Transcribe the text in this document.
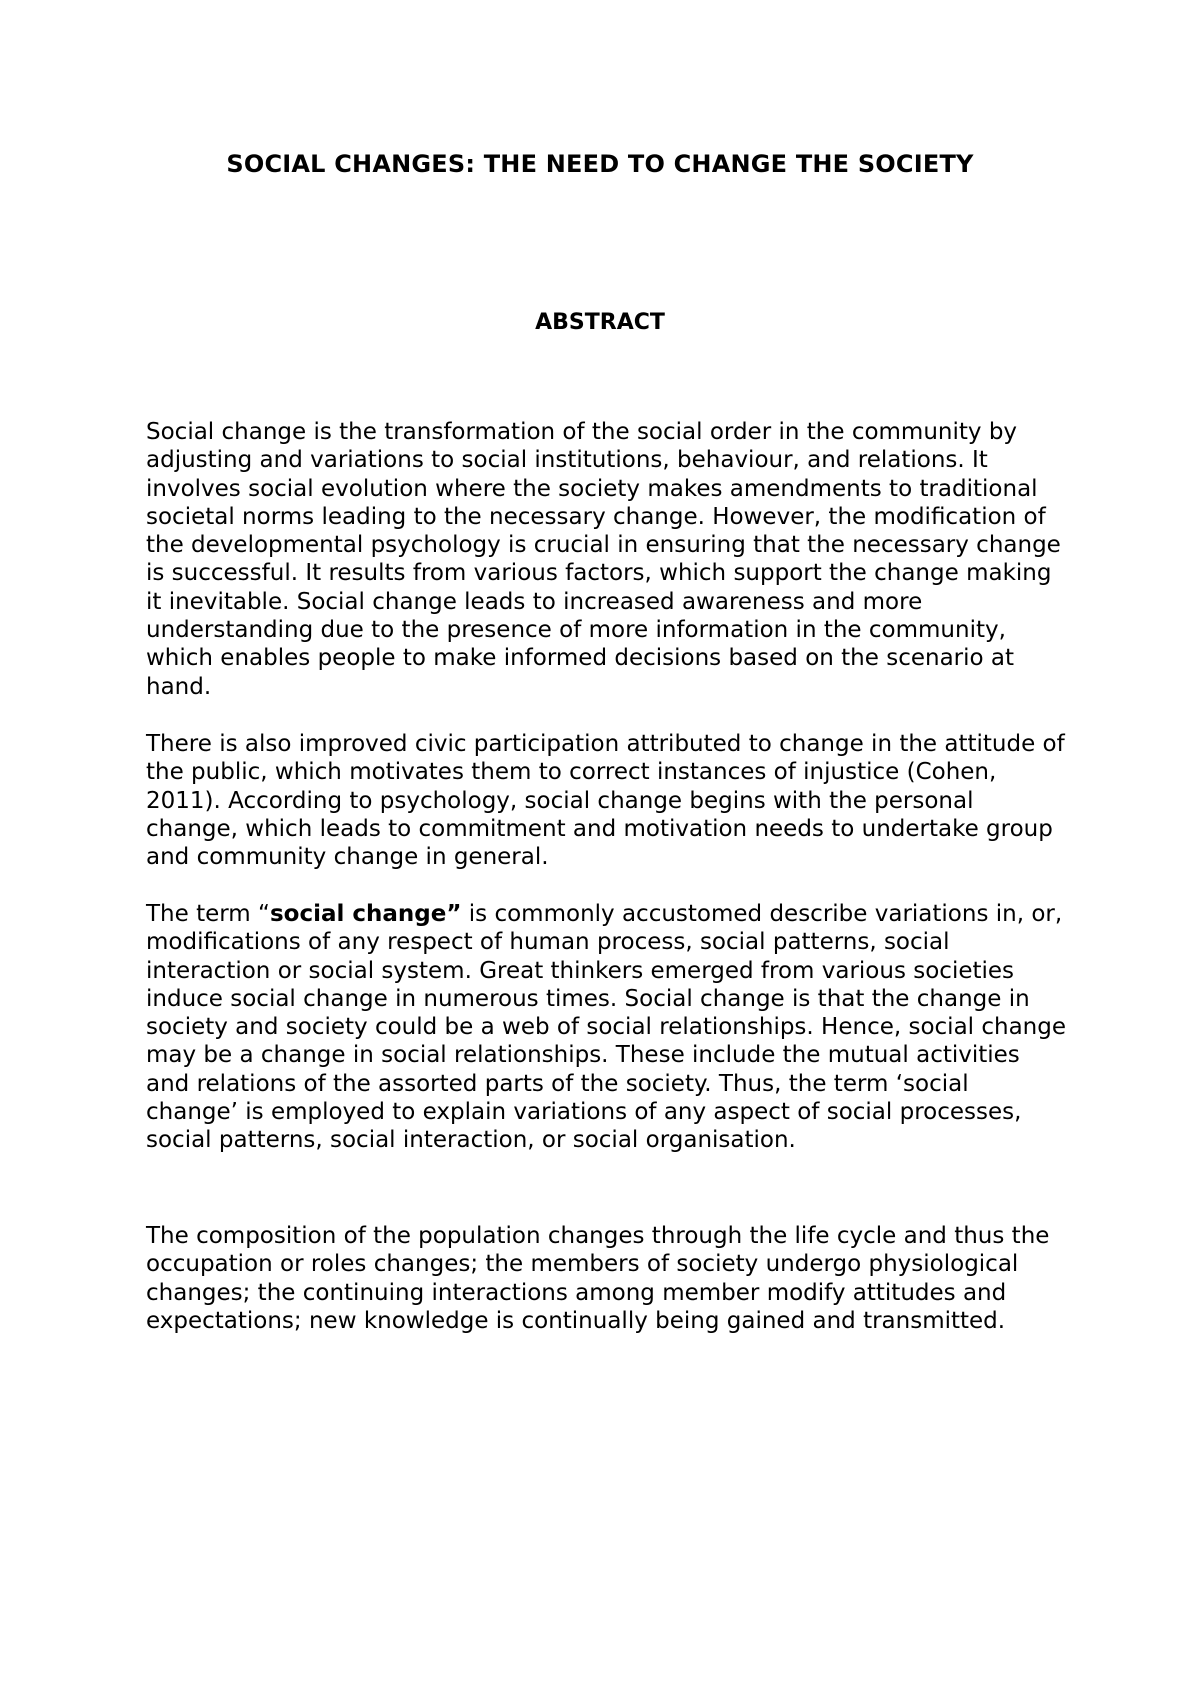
SOCIAL CHANGES: THE NEED TO CHANGE THE SOCIETY
ABSTRACT

Social change is the transformation of the social order in the community by adjusting and variations to social institutions, behaviour, and relations. It involves social evolution where the society makes amendments to traditional societal norms leading to the necessary change. However, the modification of the developmental psychology is crucial in ensuring that the necessary change is successful. It results from various factors, which support the change making it inevitable. Social change leads to increased awareness and more understanding due to the presence of more information in the community, which enables people to make informed decisions based on the scenario at hand.

There is also improved civic participation attributed to change in the attitude of the public, which motivates them to correct instances of injustice (Cohen, 2011). According to psychology, social change begins with the personal change, which leads to commitment and motivation needs to undertake group and community change in general.

The term “social change” is commonly accustomed describe variations in, or, modifications of any respect of human process, social patterns, social interaction or social system. Great thinkers emerged from various societies induce social change in numerous times. Social change is that the change in society and society could be a web of social relationships. Hence, social change may be a change in social relationships. These include the mutual activities and relations of the assorted parts of the society. Thus, the term ‘social change’ is employed to explain variations of any aspect of social processes, social patterns, social interaction, or social organisation.

The composition of the population changes through the life cycle and thus the occupation or roles changes; the members of society undergo physiological changes; the continuing interactions among member modify attitudes and expectations; new knowledge is continually being gained and transmitted.
